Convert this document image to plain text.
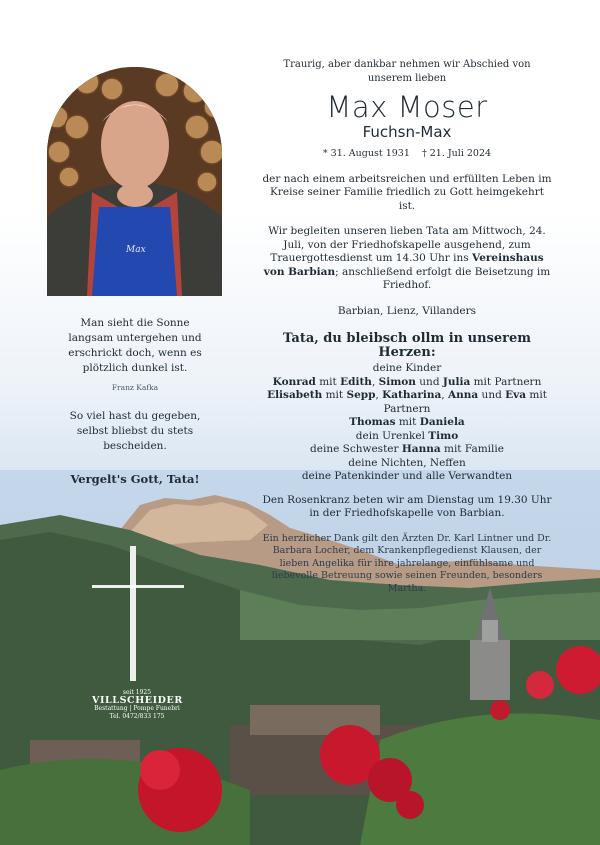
Max
Man sieht die Sonne langsam untergehen und erschrickt doch, wenn es plötzlich dunkel ist.
Franz Kafka
So viel hast du gegeben, selbst bliebst du stets bescheiden.
Vergelt's Gott, Tata!
Traurig, aber dankbar nehmen wir Abschied von unserem lieben
Max Moser
Fuchsn-Max
* 31. August 1931 † 21. Juli 2024
der nach einem arbeitsreichen und erfüllten Leben im Kreise seiner Familie friedlich zu Gott heimgekehrt ist.
Wir begleiten unseren lieben Tata am Mittwoch, 24. Juli, von der Friedhofskapelle ausgehend, zum Trauergottesdienst um 14.30 Uhr ins Vereinshaus von Barbian; anschließend erfolgt die Beisetzung im Friedhof.
Barbian, Lienz, Villanders
Tata, du bleibsch ollm in unserem Herzen:
deine Kinder
Konrad mit Edith, Simon und Julia mit Partnern
Elisabeth mit Sepp, Katharina, Anna und Eva mit Partnern
Thomas mit Daniela
dein Urenkel Timo
deine Schwester Hanna mit Familie
deine Nichten, Neffen
deine Patenkinder und alle Verwandten
Den Rosenkranz beten wir am Dienstag um 19.30 Uhr in der Friedhofskapelle von Barbian.
Ein herzlicher Dank gilt den Ärzten Dr. Karl Lintner und Dr. Barbara Locher, dem Krankenpflegedienst Klausen, der lieben Angelika für ihre jahrelange, einfühlsame und liebevolle Betreuung sowie seinen Freunden, besonders Martha.
seit 1925
VILLSCHEIDER
Bestattung | Pompe Funebri
Tel. 0472/833 175
